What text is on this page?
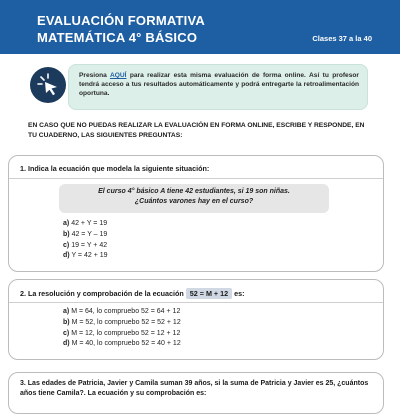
EVALUACIÓN FORMATIVA
MATEMÁTICA 4° BÁSICO	Clases 37 a la 40
Presiona AQUÍ para realizar esta misma evaluación de forma online. Así tu profesor tendrá acceso a tus resultados automáticamente y podrá entregarte la retroalimentación oportuna.
EN CASO QUE NO PUEDAS REALIZAR LA EVALUACIÓN EN FORMA ONLINE, ESCRIBE Y RESPONDE, EN TU CUADERNO, LAS SIGUIENTES PREGUNTAS:
1. Indica la ecuación que modela la siguiente situación:
El curso 4° básico A tiene 42 estudiantes, si 19 son niñas.
¿Cuántos varones hay en el curso?
a) 42 + Y = 19
b) 42 = Y – 19
c) 19 = Y + 42
d) Y = 42 + 19
2. La resolución y comprobación de la ecuación 52 = M + 12 es:
a) M = 64, lo compruebo 52 = 64 + 12
b) M = 52, lo compruebo 52 = 52 + 12
c) M = 12, lo compruebo 52 = 12 + 12
d) M = 40, lo compruebo 52 = 40 + 12
3. Las edades de Patricia, Javier y Camila suman 39 años, si la suma de Patricia y Javier es 25, ¿cuántos años tiene Camila?. La ecuación y su comprobación es:
